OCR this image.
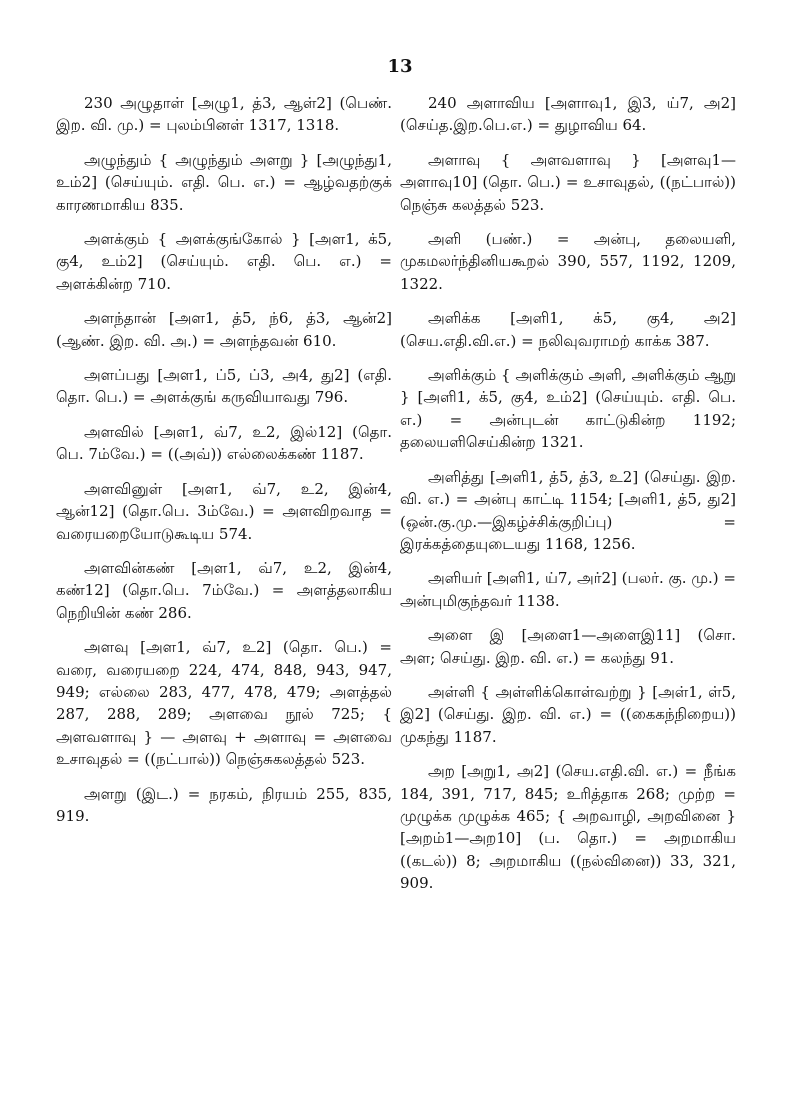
13

230 அழுதாள் [அழு1, த்3, ஆள்2] (பெண். இற. வி. மு.) = புலம்பினள் 1317, 1318.

அழுந்தும் { அழுந்தும் அளறு } [அழுந்து1, உம்2] (செய்யும். எதி. பெ. எ.) = ஆழ்வதற்குக் காரணமாகிய 835.

அளக்கும் { அளக்குங்கோல் } [அள1, க்5, கு4, உம்2] (செய்யும். எதி. பெ. எ.) = அளக்கின்ற 710.

அளந்தான் [அள1, த்5, ந்6, த்3, ஆன்2] (ஆண். இற. வி. அ.) = அளந்தவன் 610.

அளப்பது [அள1, ப்5, ப்3, அ4, து2] (எதி. தொ. பெ.) = அளக்குங் கருவியாவது 796.

அளவில் [அள1, வ்7, உ2, இல்12] (தொ. பெ. 7ம்வே.) = ((அவ்)) எல்லைக்கண் 1187.

அளவினுள் [அள1, வ்7, உ2, இன்4, ஆன்12] (தொ.பெ. 3ம்வே.) = அளவிறவாத = வரையறையோடுகூடிய 574.

அளவின்கண் [அள1, வ்7, உ2, இன்4, கண்12] (தொ.பெ. 7ம்வே.) = அளத்தலாகிய நெறியின் கண் 286.

அளவு [அள1, வ்7, உ2] (தொ. பெ.) = வரை, வரையறை 224, 474, 848, 943, 947, 949; எல்லை 283, 477, 478, 479; அளத்தல் 287, 288, 289; அளவை நூல் 725; { அளவளாவு } — அளவு + அளாவு = அளவை உசாவுதல் = ((நட்பால்)) நெஞ்சுகலத்தல் 523.

அளறு (இட.) = நரகம், நிரயம் 255, 835, 919.

240 அளாவிய [அளாவு1, இ3, ய்7, அ2] (செய்த.இற.பெ.எ.) = துழாவிய 64.

அளாவு { அளவளாவு } [அளவு1—அளாவு10] (தொ. பெ.) = உசாவுதல், ((நட்பால்)) நெஞ்சு கலத்தல் 523.

அளி (பண்.) = அன்பு, தலையளி, முகமலர்ந்தினியகூறல் 390, 557, 1192, 1209, 1322.

அளிக்க [அளி1, க்5, கு4, அ2] (செய.எதி.வி.எ.) = நலிவுவராமற் காக்க 387.

அளிக்கும் { அளிக்கும் அளி, அளிக்கும் ஆறு } [அளி1, க்5, கு4, உம்2] (செய்யும். எதி. பெ. எ.) = அன்புடன் காட்டுகின்ற 1192; தலையளிசெய்கின்ற 1321.

அளித்து [அளி1, த்5, த்3, உ2] (செய்து. இற. வி. எ.) = அன்பு காட்டி 1154; [அளி1, த்5, து2] (ஒன்.கு.மு.—இகழ்ச்சிக்குறிப்பு) = இரக்கத்தையுடையது 1168, 1256.

அளியர் [அளி1, ய்7, அர்2] (பலர். கு. மு.) = அன்புமிகுந்தவர் 1138.

அளை இ [அளை1—அளைஇ11] (சொ. அள; செய்து. இற. வி. எ.) = கலந்து 91.

அள்ளி { அள்ளிக்கொள்வற்று } [அள்1, ள்5, இ2] (செய்து. இற. வி. எ.) = ((கைகந்நிறைய)) முகந்து 1187.

அற [அறு1, அ2] (செய.எதி.வி. எ.) = நீங்க 184, 391, 717, 845; உரித்தாக 268; முற்ற = முழுக்க முழுக்க 465; { அறவாழி, அறவினை } [அறம்1—அற10] (ப. தொ.) = அறமாகிய ((கடல்)) 8; அறமாகிய ((நல்வினை)) 33, 321, 909.
